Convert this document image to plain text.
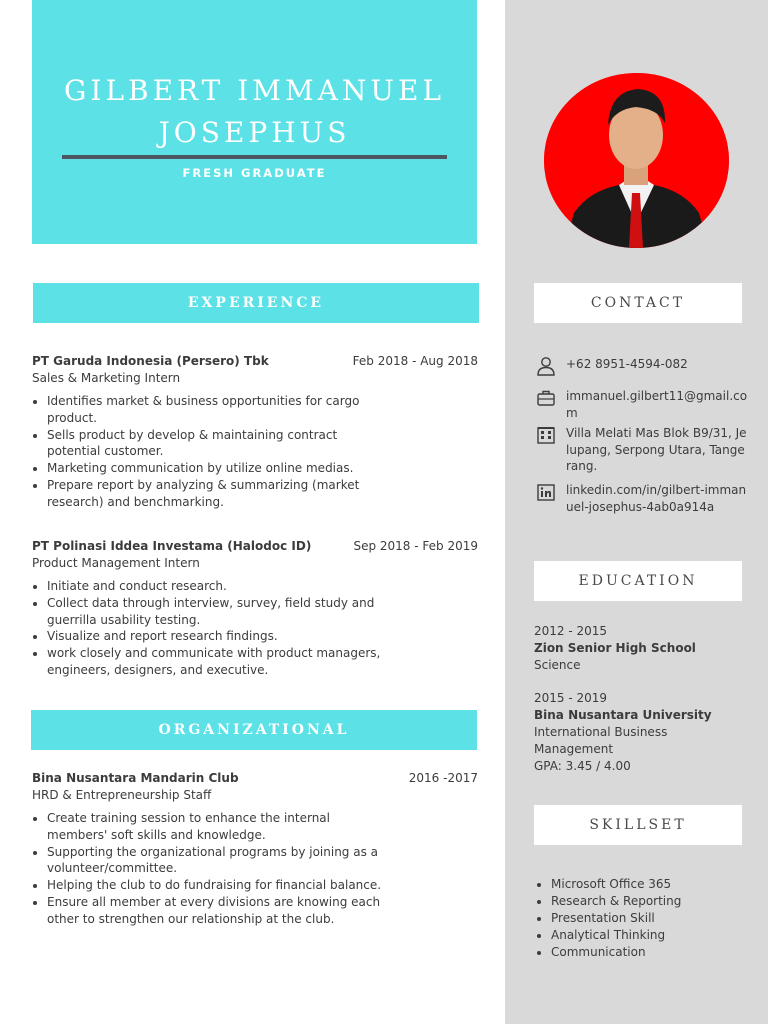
GILBERT IMMANUEL
JOSEPHUS
FRESH GRADUATE
EXPERIENCE
ORGANIZATIONAL
CONTACT
EDUCATION
SKILLSET
PT Garuda Indonesia (Persero) Tbk	Feb 2018 - Aug 2018
Sales & Marketing Intern
• Identifies market & business opportunities for cargo product.
• Sells product by develop & maintaining contract potential customer.
• Marketing communication by utilize online medias.
• Prepare report by analyzing & summarizing (market research) and benchmarking.
PT Polinasi Iddea Investama (Halodoc ID)	Sep 2018 - Feb 2019
Product Management Intern
• Initiate and conduct research.
• Collect data through interview, survey, field study and guerrilla usability testing.
• Visualize and report research findings.
• work closely and communicate with product managers, engineers, designers, and executive.
Bina Nusantara Mandarin Club	2016 -2017
HRD & Entrepreneurship Staff
• Create training session to enhance the internal members' soft skills and knowledge.
• Supporting the organizational programs by joining as a volunteer/committee.
• Helping the club to do fundraising for financial balance.
• Ensure all member at every divisions are knowing each other to strengthen our relationship at the club.
+62 8951-4594-082
immanuel.gilbert11@gmail.com
Villa Melati Mas Blok B9/31, Jelupang, Serpong Utara, Tangerang.
linkedin.com/in/gilbert-immanuel-josephus-4ab0a914a
2012 - 2015
Zion Senior High School
Science
2015 - 2019
Bina Nusantara University
International Business Management
GPA: 3.45 / 4.00
• Microsoft Office 365
• Research & Reporting
• Presentation Skill
• Analytical Thinking
• Communication
